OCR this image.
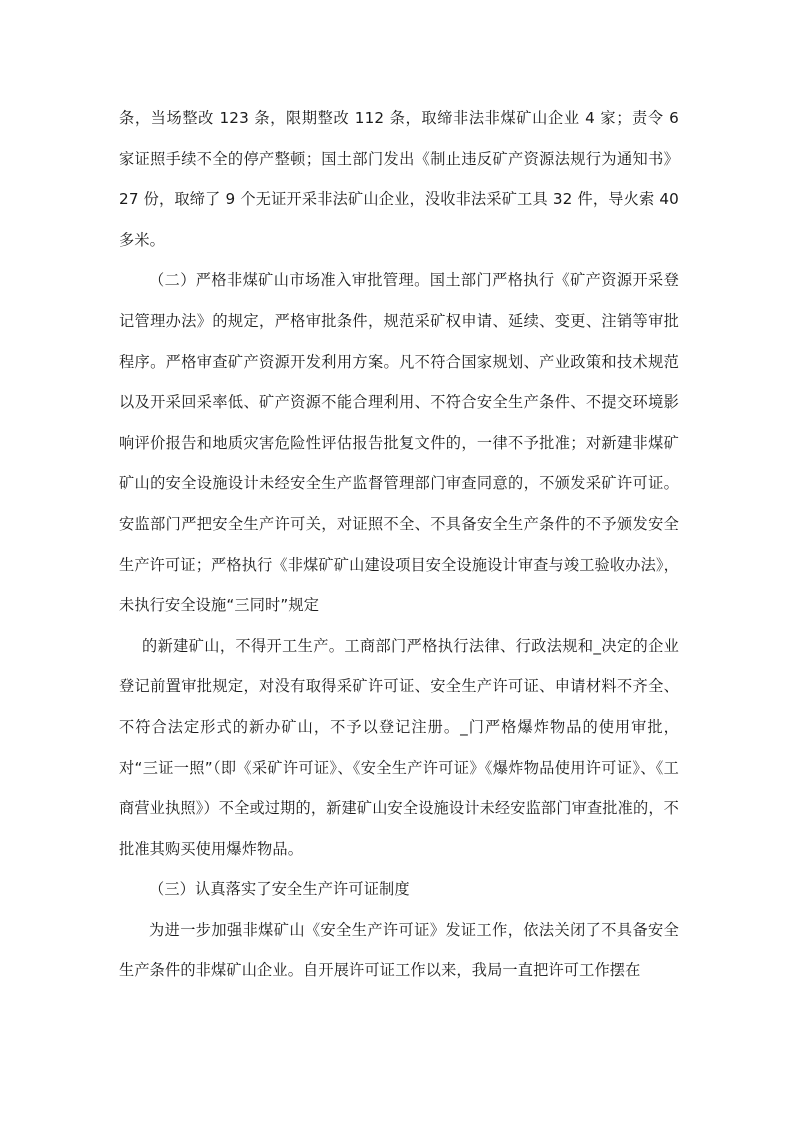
条，当场整改 123 条，限期整改 112 条，取缔非法非煤矿山企业 4 家；责令 6 家证照手续不全的停产整顿；国土部门发出《制止违反矿产资源法规行为通知书》27 份，取缔了 9 个无证开采非法矿山企业，没收非法采矿工具 32 件，导火索 40 多米。

（二）严格非煤矿山市场准入审批管理。国土部门严格执行《矿产资源开采登记管理办法》的规定，严格审批条件，规范采矿权申请、延续、变更、注销等审批程序。严格审查矿产资源开发利用方案。凡不符合国家规划、产业政策和技术规范以及开采回采率低、矿产资源不能合理利用、不符合安全生产条件、不提交环境影响评价报告和地质灾害危险性评估报告批复文件的，一律不予批准；对新建非煤矿矿山的安全设施设计未经安全生产监督管理部门审查同意的，不颁发采矿许可证。安监部门严把安全生产许可关，对证照不全、不具备安全生产条件的不予颁发安全生产许可证；严格执行《非煤矿矿山建设项目安全设施设计审查与竣工验收办法》，未执行安全设施“三同时”规定

的新建矿山，不得开工生产。工商部门严格执行法律、行政法规和_决定的企业登记前置审批规定，对没有取得采矿许可证、安全生产许可证、申请材料不齐全、不符合法定形式的新办矿山，不予以登记注册。_门严格爆炸物品的使用审批，对“三证一照”（即《采矿许可证》、《安全生产许可证》《爆炸物品使用许可证》、《工商营业执照》）不全或过期的，新建矿山安全设施设计未经安监部门审查批准的，不批准其购买使用爆炸物品。

（三）认真落实了安全生产许可证制度

为进一步加强非煤矿山《安全生产许可证》发证工作，依法关闭了不具备安全生产条件的非煤矿山企业。自开展许可证工作以来，我局一直把许可工作摆在
